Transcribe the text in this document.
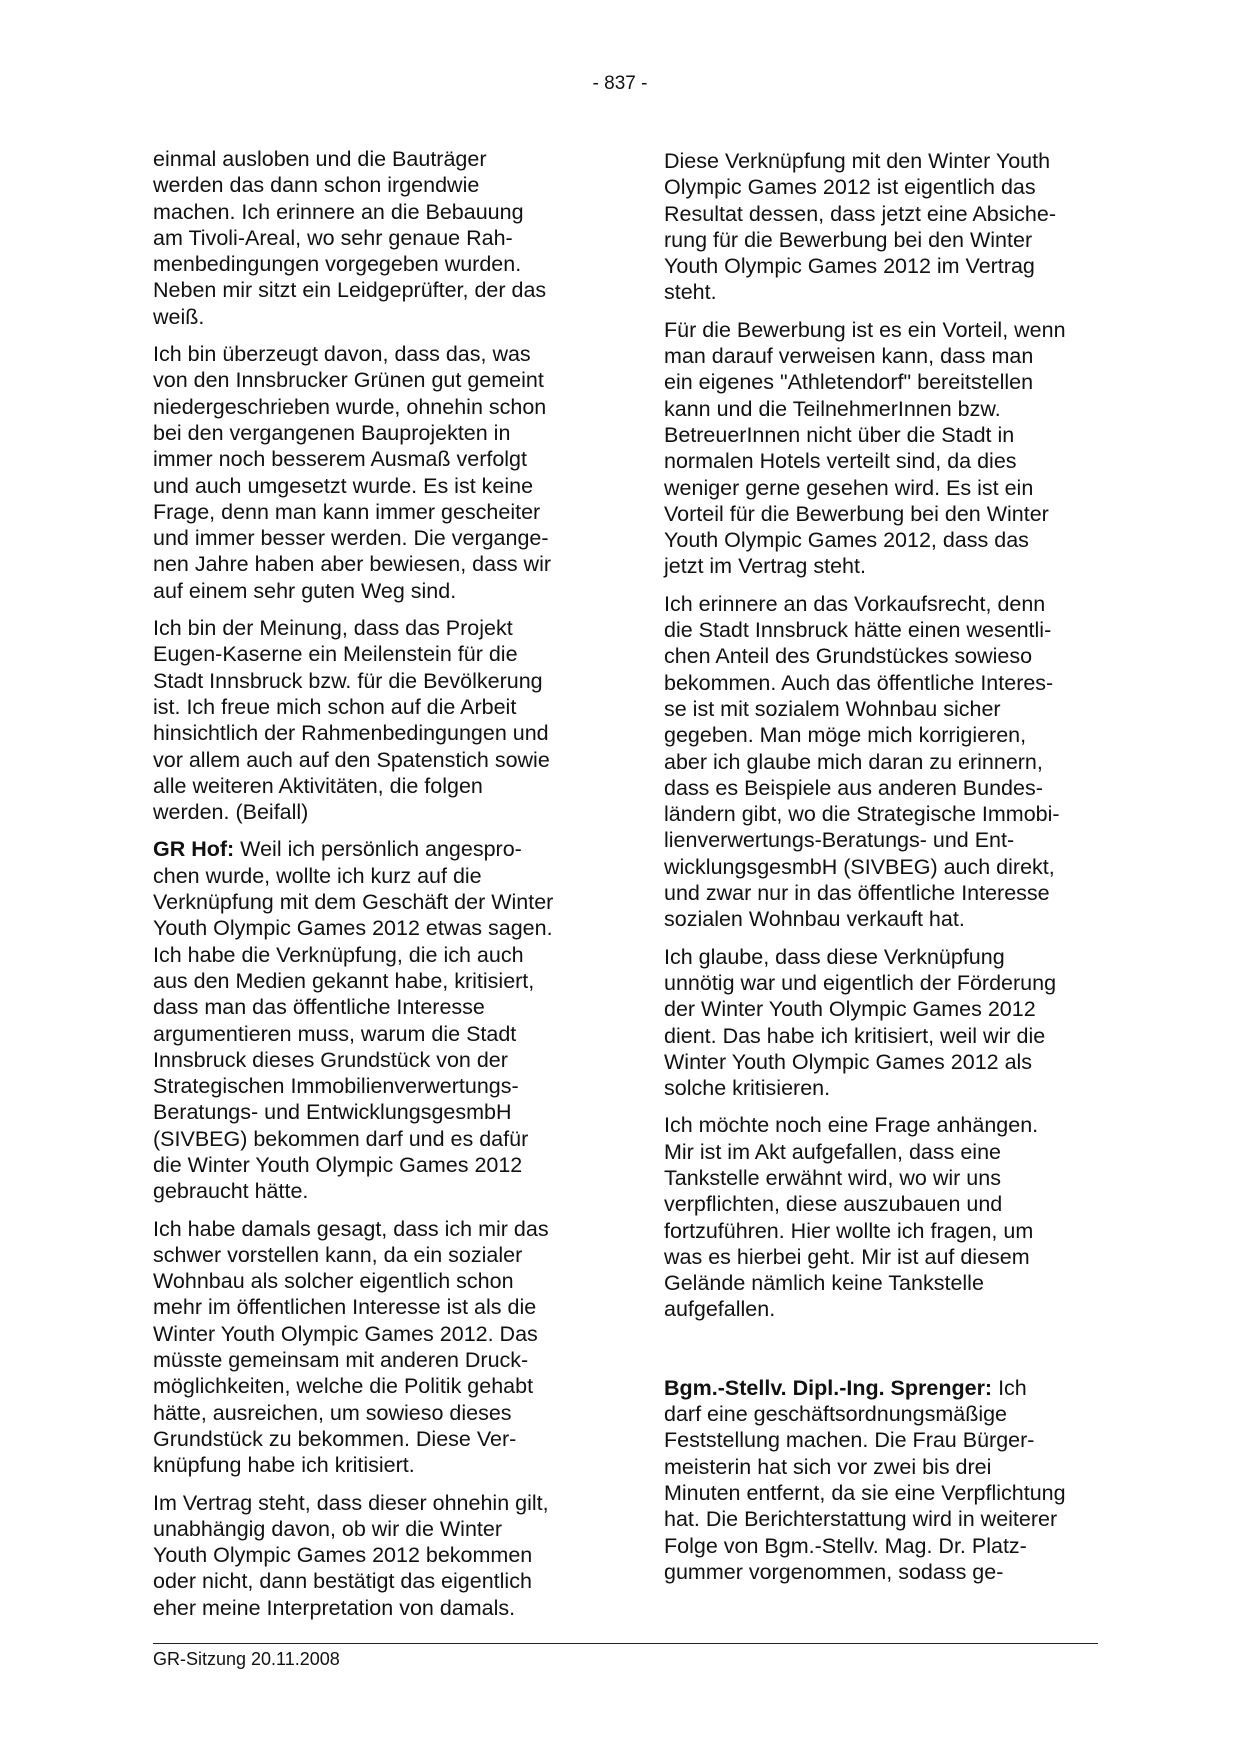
- 837 -

einmal ausloben und die Bauträger
werden das dann schon irgendwie
machen. Ich erinnere an die Bebauung
am Tivoli-Areal, wo sehr genaue Rah-
menbedingungen vorgegeben wurden.
Neben mir sitzt ein Leidgeprüfter, der das
weiß.

Ich bin überzeugt davon, dass das, was
von den Innsbrucker Grünen gut gemeint
niedergeschrieben wurde, ohnehin schon
bei den vergangenen Bauprojekten in
immer noch besserem Ausmaß verfolgt
und auch umgesetzt wurde. Es ist keine
Frage, denn man kann immer gescheiter
und immer besser werden. Die vergange-
nen Jahre haben aber bewiesen, dass wir
auf einem sehr guten Weg sind.

Ich bin der Meinung, dass das Projekt
Eugen-Kaserne ein Meilenstein für die
Stadt Innsbruck bzw. für die Bevölkerung
ist. Ich freue mich schon auf die Arbeit
hinsichtlich der Rahmenbedingungen und
vor allem auch auf den Spatenstich sowie
alle weiteren Aktivitäten, die folgen
werden. (Beifall)

GR Hof: Weil ich persönlich angespro-
chen wurde, wollte ich kurz auf die
Verknüpfung mit dem Geschäft der Winter
Youth Olympic Games 2012 etwas sagen.
Ich habe die Verknüpfung, die ich auch
aus den Medien gekannt habe, kritisiert,
dass man das öffentliche Interesse
argumentieren muss, warum die Stadt
Innsbruck dieses Grundstück von der
Strategischen Immobilienverwertungs-
Beratungs- und EntwicklungsgesmbH
(SIVBEG) bekommen darf und es dafür
die Winter Youth Olympic Games 2012
gebraucht hätte.

Ich habe damals gesagt, dass ich mir das
schwer vorstellen kann, da ein sozialer
Wohnbau als solcher eigentlich schon
mehr im öffentlichen Interesse ist als die
Winter Youth Olympic Games 2012. Das
müsste gemeinsam mit anderen Druck-
möglichkeiten, welche die Politik gehabt
hätte, ausreichen, um sowieso dieses
Grundstück zu bekommen. Diese Ver-
knüpfung habe ich kritisiert.

Im Vertrag steht, dass dieser ohnehin gilt,
unabhängig davon, ob wir die Winter
Youth Olympic Games 2012 bekommen
oder nicht, dann bestätigt das eigentlich
eher meine Interpretation von damals.

Diese Verknüpfung mit den Winter Youth
Olympic Games 2012 ist eigentlich das
Resultat dessen, dass jetzt eine Absiche-
rung für die Bewerbung bei den Winter
Youth Olympic Games 2012 im Vertrag
steht.

Für die Bewerbung ist es ein Vorteil, wenn
man darauf verweisen kann, dass man
ein eigenes "Athletendorf" bereitstellen
kann und die TeilnehmerInnen bzw.
BetreuerInnen nicht über die Stadt in
normalen Hotels verteilt sind, da dies
weniger gerne gesehen wird. Es ist ein
Vorteil für die Bewerbung bei den Winter
Youth Olympic Games 2012, dass das
jetzt im Vertrag steht.

Ich erinnere an das Vorkaufsrecht, denn
die Stadt Innsbruck hätte einen wesentli-
chen Anteil des Grundstückes sowieso
bekommen. Auch das öffentliche Interes-
se ist mit sozialem Wohnbau sicher
gegeben. Man möge mich korrigieren,
aber ich glaube mich daran zu erinnern,
dass es Beispiele aus anderen Bundes-
ländern gibt, wo die Strategische Immobi-
lienverwertungs-Beratungs- und Ent-
wicklungsgesmbH (SIVBEG) auch direkt,
und zwar nur in das öffentliche Interesse
sozialen Wohnbau verkauft hat.

Ich glaube, dass diese Verknüpfung
unnötig war und eigentlich der Förderung
der Winter Youth Olympic Games 2012
dient. Das habe ich kritisiert, weil wir die
Winter Youth Olympic Games 2012 als
solche kritisieren.

Ich möchte noch eine Frage anhängen.
Mir ist im Akt aufgefallen, dass eine
Tankstelle erwähnt wird, wo wir uns
verpflichten, diese auszubauen und
fortzuführen. Hier wollte ich fragen, um
was es hierbei geht. Mir ist auf diesem
Gelände nämlich keine Tankstelle
aufgefallen.

Bgm.-Stellv. Dipl.-Ing. Sprenger: Ich
darf eine geschäftsordnungsmäßige
Feststellung machen. Die Frau Bürger-
meisterin hat sich vor zwei bis drei
Minuten entfernt, da sie eine Verpflichtung
hat. Die Berichterstattung wird in weiterer
Folge von Bgm.-Stellv. Mag. Dr. Platz-
gummer vorgenommen, sodass ge-

GR-Sitzung 20.11.2008
